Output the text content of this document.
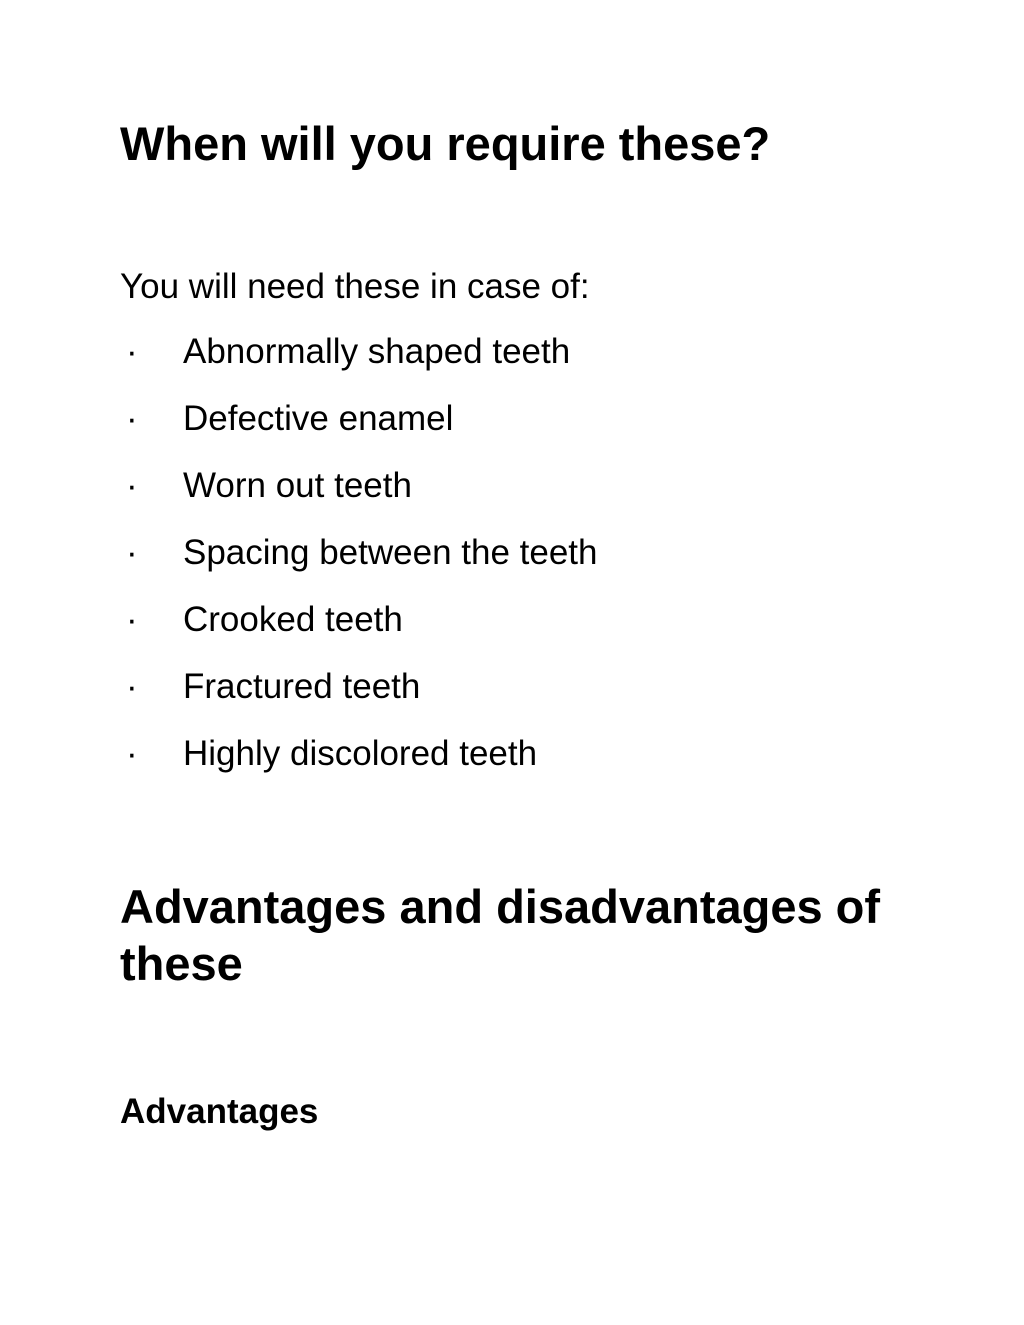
When will you require these?

You will need these in case of:

· Abnormally shaped teeth
· Defective enamel
· Worn out teeth
· Spacing between the teeth
· Crooked teeth
· Fractured teeth
· Highly discolored teeth
Advantages and disadvantages of these
Advantages
